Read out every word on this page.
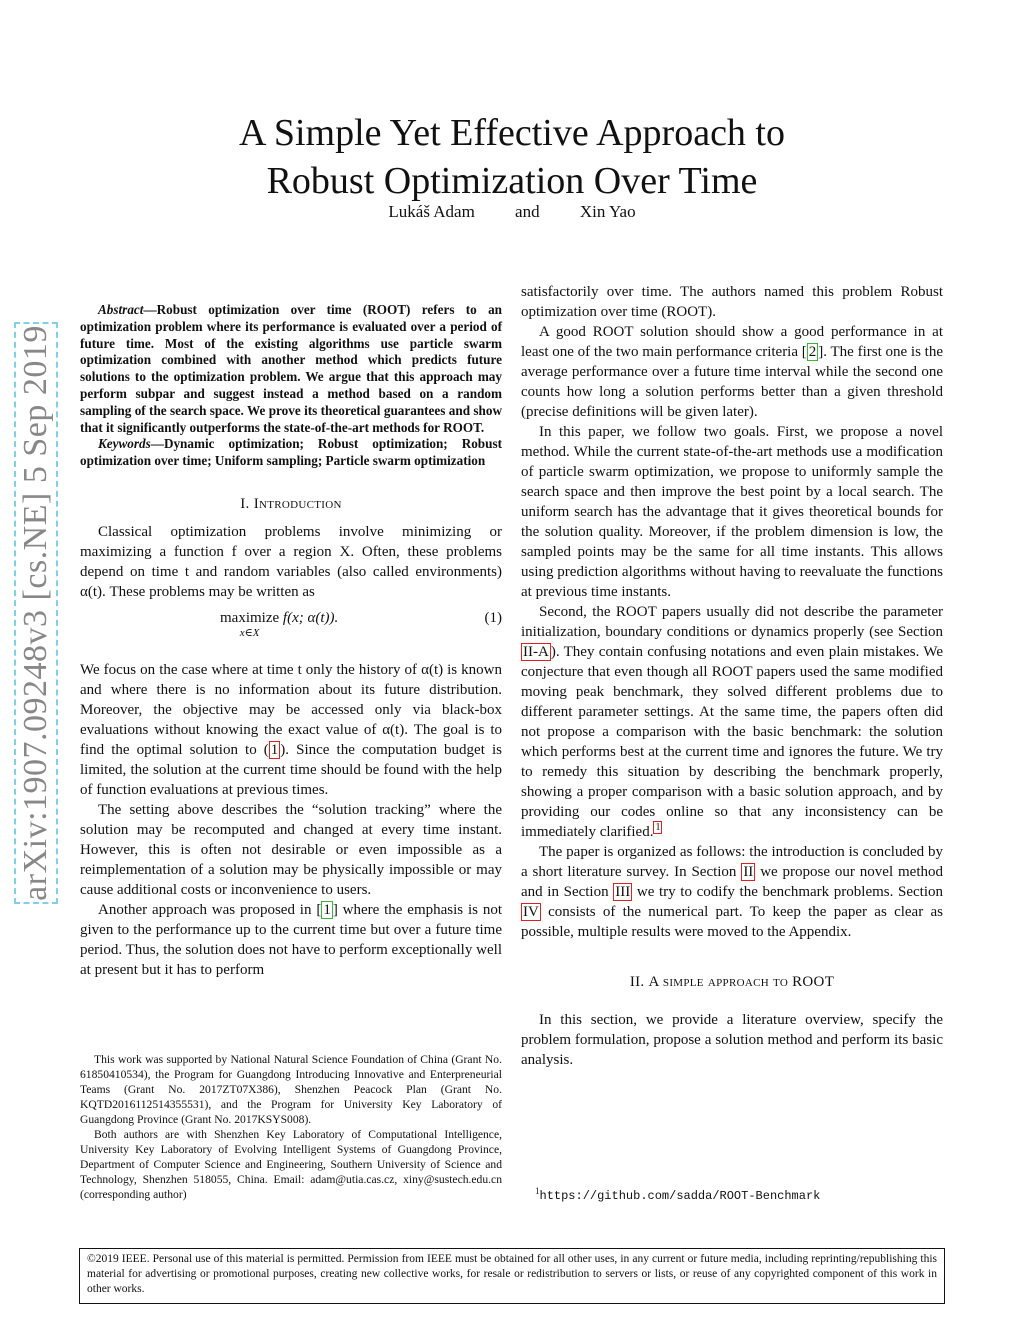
A Simple Yet Effective Approach to
Robust Optimization Over Time
Lukáš Adam and Xin Yao
arXiv:1907.09248v3 [cs.NE] 5 Sep 2019

Abstract—Robust optimization over time (ROOT) refers to an optimization problem where its performance is evaluated over a period of future time. Most of the existing algorithms use particle swarm optimization combined with another method which predicts future solutions to the optimization problem. We argue that this approach may perform subpar and suggest instead a method based on a random sampling of the search space. We prove its theoretical guarantees and show that it significantly outperforms the state-of-the-art methods for ROOT.

Keywords—Dynamic optimization; Robust optimization; Robust optimization over time; Uniform sampling; Particle swarm optimization

I. Introduction

Classical optimization problems involve minimizing or maximizing a function f over a region X. Often, these problems depend on time t and random variables (also called environments) α(t). These problems may be written as

maximize
x∈X
f(x; α(t)).	(1)

We focus on the case where at time t only the history of α(t) is known and where there is no information about its future distribution. Moreover, the objective may be accessed only via black-box evaluations without knowing the exact value of α(t). The goal is to find the optimal solution to ( 1 ). Since the computation budget is limited, the solution at the current time should be found with the help of function evaluations at previous times.

The setting above describes the “solution tracking” where the solution may be recomputed and changed at every time instant. However, this is often not desirable or even impossible as a reimplementation of a solution may be physically impossible or may cause additional costs or inconvenience to users.

Another approach was proposed in [ 1 ] where the emphasis is not given to the performance up to the current time but over a future time period. Thus, the solution does not have to perform exceptionally well at present but it has to perform

This work was supported by National Natural Science Foundation of China (Grant No. 61850410534), the Program for Guangdong Introducing Innovative and Enterpreneurial Teams (Grant No. 2017ZT07X386), Shenzhen Peacock Plan (Grant No. KQTD2016112514355531), and the Program for University Key Laboratory of Guangdong Province (Grant No. 2017KSYS008).

Both authors are with Shenzhen Key Laboratory of Computational Intelligence, University Key Laboratory of Evolving Intelligent Systems of Guangdong Province, Department of Computer Science and Engineering, Southern University of Science and Technology, Shenzhen 518055, China. Email: adam@utia.cas.cz, xiny@sustech.edu.cn (corresponding author)

satisfactorily over time. The authors named this problem Robust optimization over time (ROOT).

A good ROOT solution should show a good performance in at least one of the two main performance criteria [ 2 ]. The first one is the average performance over a future time interval while the second one counts how long a solution performs better than a given threshold (precise definitions will be given later).

In this paper, we follow two goals. First, we propose a novel method. While the current state-of-the-art methods use a modification of particle swarm optimization, we propose to uniformly sample the search space and then improve the best point by a local search. The uniform search has the advantage that it gives theoretical bounds for the solution quality. Moreover, if the problem dimension is low, the sampled points may be the same for all time instants. This allows using prediction algorithms without having to reevaluate the functions at previous time instants.

Second, the ROOT papers usually did not describe the parameter initialization, boundary conditions or dynamics properly (see Section II-A ). They contain confusing notations and even plain mistakes. We conjecture that even though all ROOT papers used the same modified moving peak benchmark, they solved different problems due to different parameter settings. At the same time, the papers often did not propose a comparison with the basic benchmark: the solution which performs best at the current time and ignores the future. We try to remedy this situation by describing the benchmark properly, showing a proper comparison with a basic solution approach, and by providing our codes online so that any inconsistency can be immediately clarified. $^1$

The paper is organized as follows: the introduction is concluded by a short literature survey. In Section II we propose our novel method and in Section III we try to codify the benchmark problems. Section IV consists of the numerical part. To keep the paper as clear as possible, multiple results were moved to the Appendix.

II. A simple approach to ROOT

In this section, we provide a literature overview, specify the problem formulation, propose a solution method and perform its basic analysis.

$^1$https://github.com/sadda/ROOT-Benchmark
©2019 IEEE. Personal use of this material is permitted. Permission from IEEE must be obtained for all other uses, in any current or future media, including reprinting/republishing this material for advertising or promotional purposes, creating new collective works, for resale or redistribution to servers or lists, or reuse of any copyrighted component of this work in other works.
